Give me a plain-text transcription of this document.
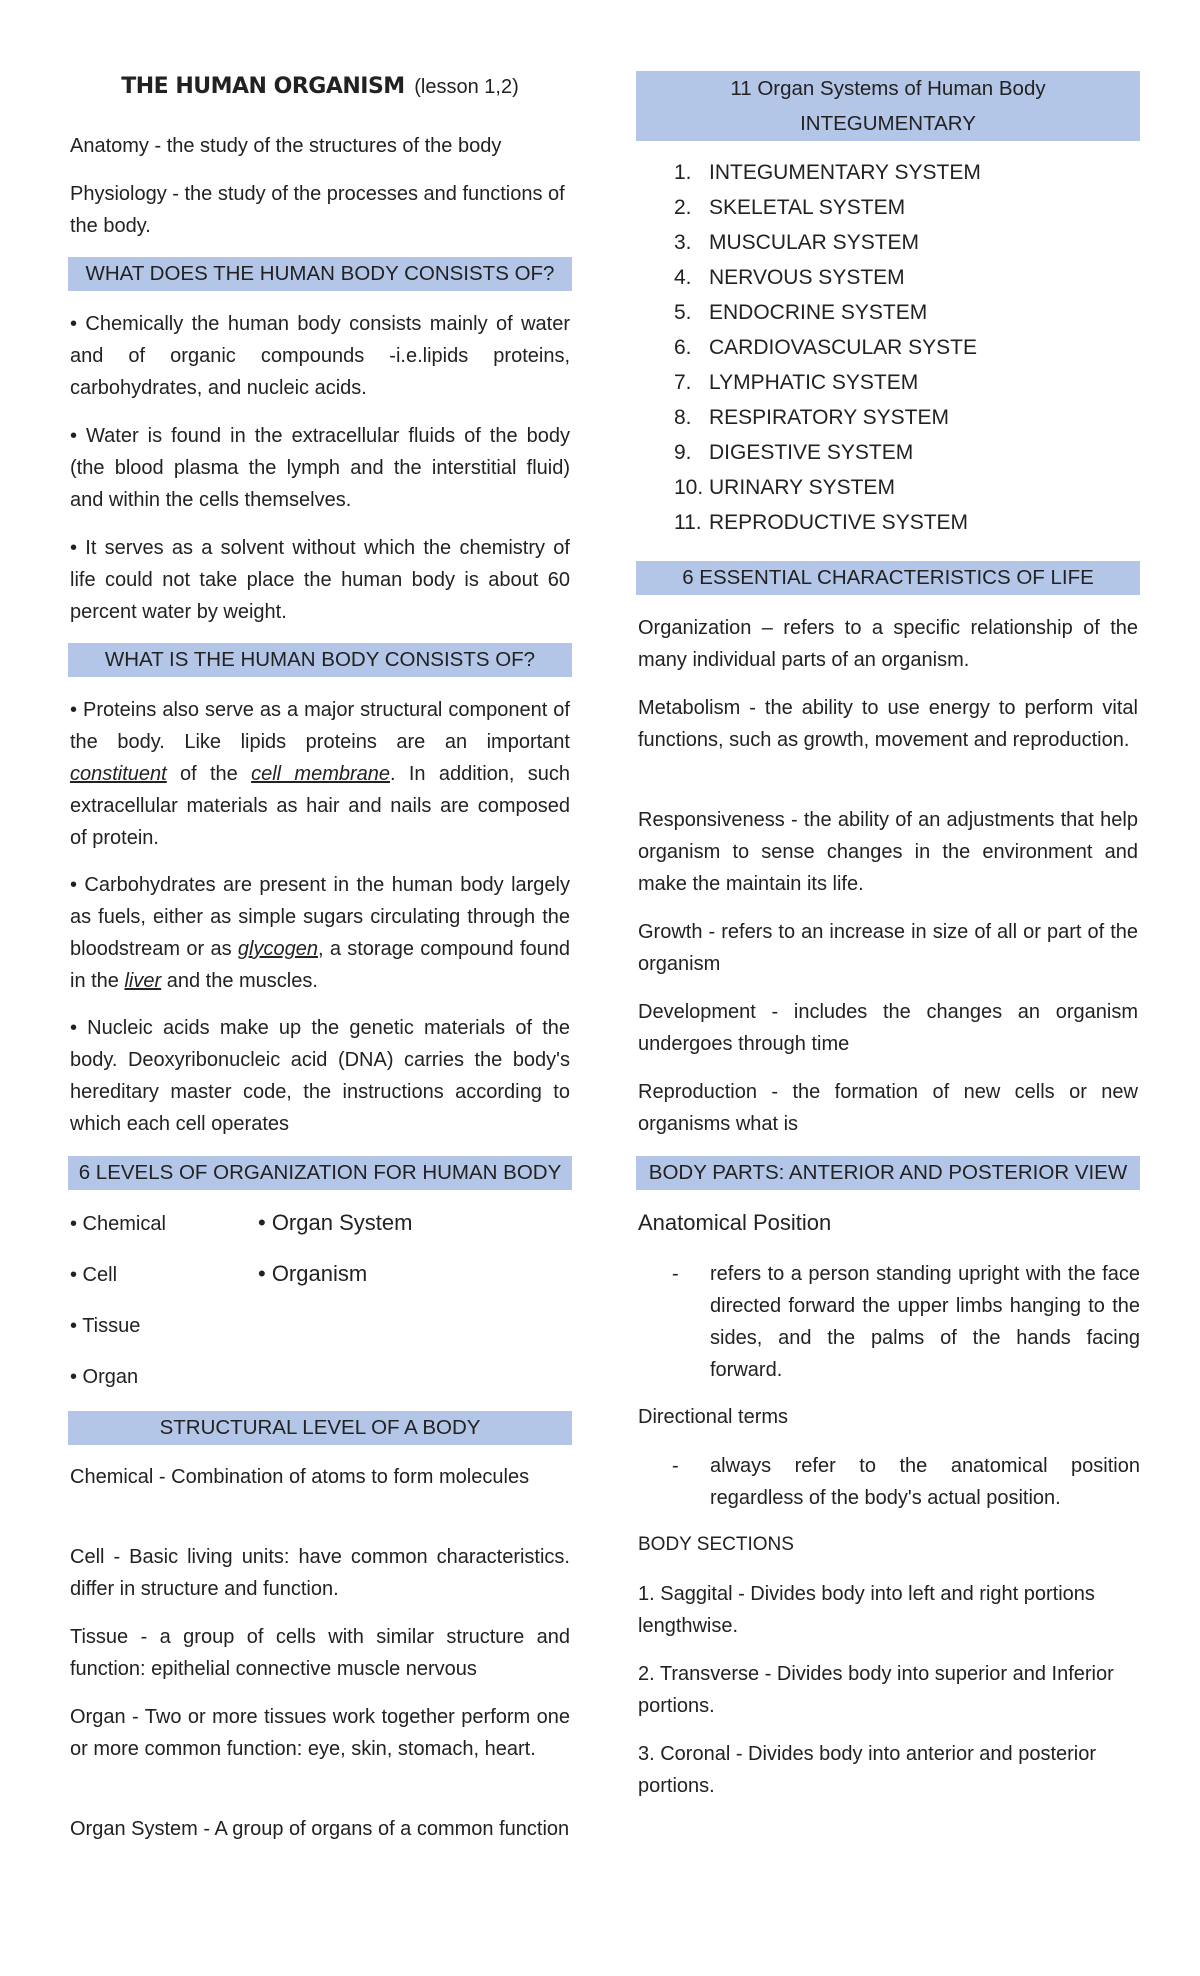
THE HUMAN ORGANISM (lesson 1,2)
Anatomy - the study of the structures of the body
Physiology - the study of the processes and functions of the body.
WHAT DOES THE HUMAN BODY CONSISTS OF?
• Chemically the human body consists mainly of water and of organic compounds -i.e.lipids proteins, carbohydrates, and nucleic acids.
• Water is found in the extracellular fluids of the body (the blood plasma the lymph and the interstitial fluid) and within the cells themselves.
• It serves as a solvent without which the chemistry of life could not take place the human body is about 60 percent water by weight.
WHAT IS THE HUMAN BODY CONSISTS OF?
• Proteins also serve as a major structural component of the body. Like lipids proteins are an important constituent of the cell membrane. In addition, such extracellular materials as hair and nails are composed of protein.
• Carbohydrates are present in the human body largely as fuels, either as simple sugars circulating through the bloodstream or as glycogen, a storage compound found in the liver and the muscles.
• Nucleic acids make up the genetic materials of the body. Deoxyribonucleic acid (DNA) carries the body's hereditary master code, the instructions according to which each cell operates
6 LEVELS OF ORGANIZATION FOR HUMAN BODY
• Chemical
• Cell
• Tissue
• Organ
• Organ System
• Organism
STRUCTURAL LEVEL OF A BODY
Chemical - Combination of atoms to form molecules
Cell - Basic living units: have common characteristics. differ in structure and function.
Tissue - a group of cells with similar structure and function: epithelial connective muscle nervous
Organ - Two or more tissues work together perform one or more common function: eye, skin, stomach, heart.
Organ System - A group of organs of a common function
11 Organ Systems of Human Body
INTEGUMENTARY
1. INTEGUMENTARY SYSTEM
2. SKELETAL SYSTEM
3. MUSCULAR SYSTEM
4. NERVOUS SYSTEM
5. ENDOCRINE SYSTEM
6. CARDIOVASCULAR SYSTE
7. LYMPHATIC SYSTEM
8. RESPIRATORY SYSTEM
9. DIGESTIVE SYSTEM
10. URINARY SYSTEM
11. REPRODUCTIVE SYSTEM
6 ESSENTIAL CHARACTERISTICS OF LIFE
Organization – refers to a specific relationship of the many individual parts of an organism.
Metabolism - the ability to use energy to perform vital functions, such as growth, movement and reproduction.
Responsiveness - the ability of an adjustments that help organism to sense changes in the environment and make the maintain its life.
Growth - refers to an increase in size of all or part of the organism
Development - includes the changes an organism undergoes through time
Reproduction - the formation of new cells or new organisms what is
BODY PARTS: ANTERIOR AND POSTERIOR VIEW
Anatomical Position
- refers to a person standing upright with the face directed forward the upper limbs hanging to the sides, and the palms of the hands facing forward.
Directional terms
- always refer to the anatomical position regardless of the body's actual position.
BODY SECTIONS
1. Saggital - Divides body into left and right portions lengthwise.
2. Transverse - Divides body into superior and Inferior portions.
3. Coronal - Divides body into anterior and posterior portions.
